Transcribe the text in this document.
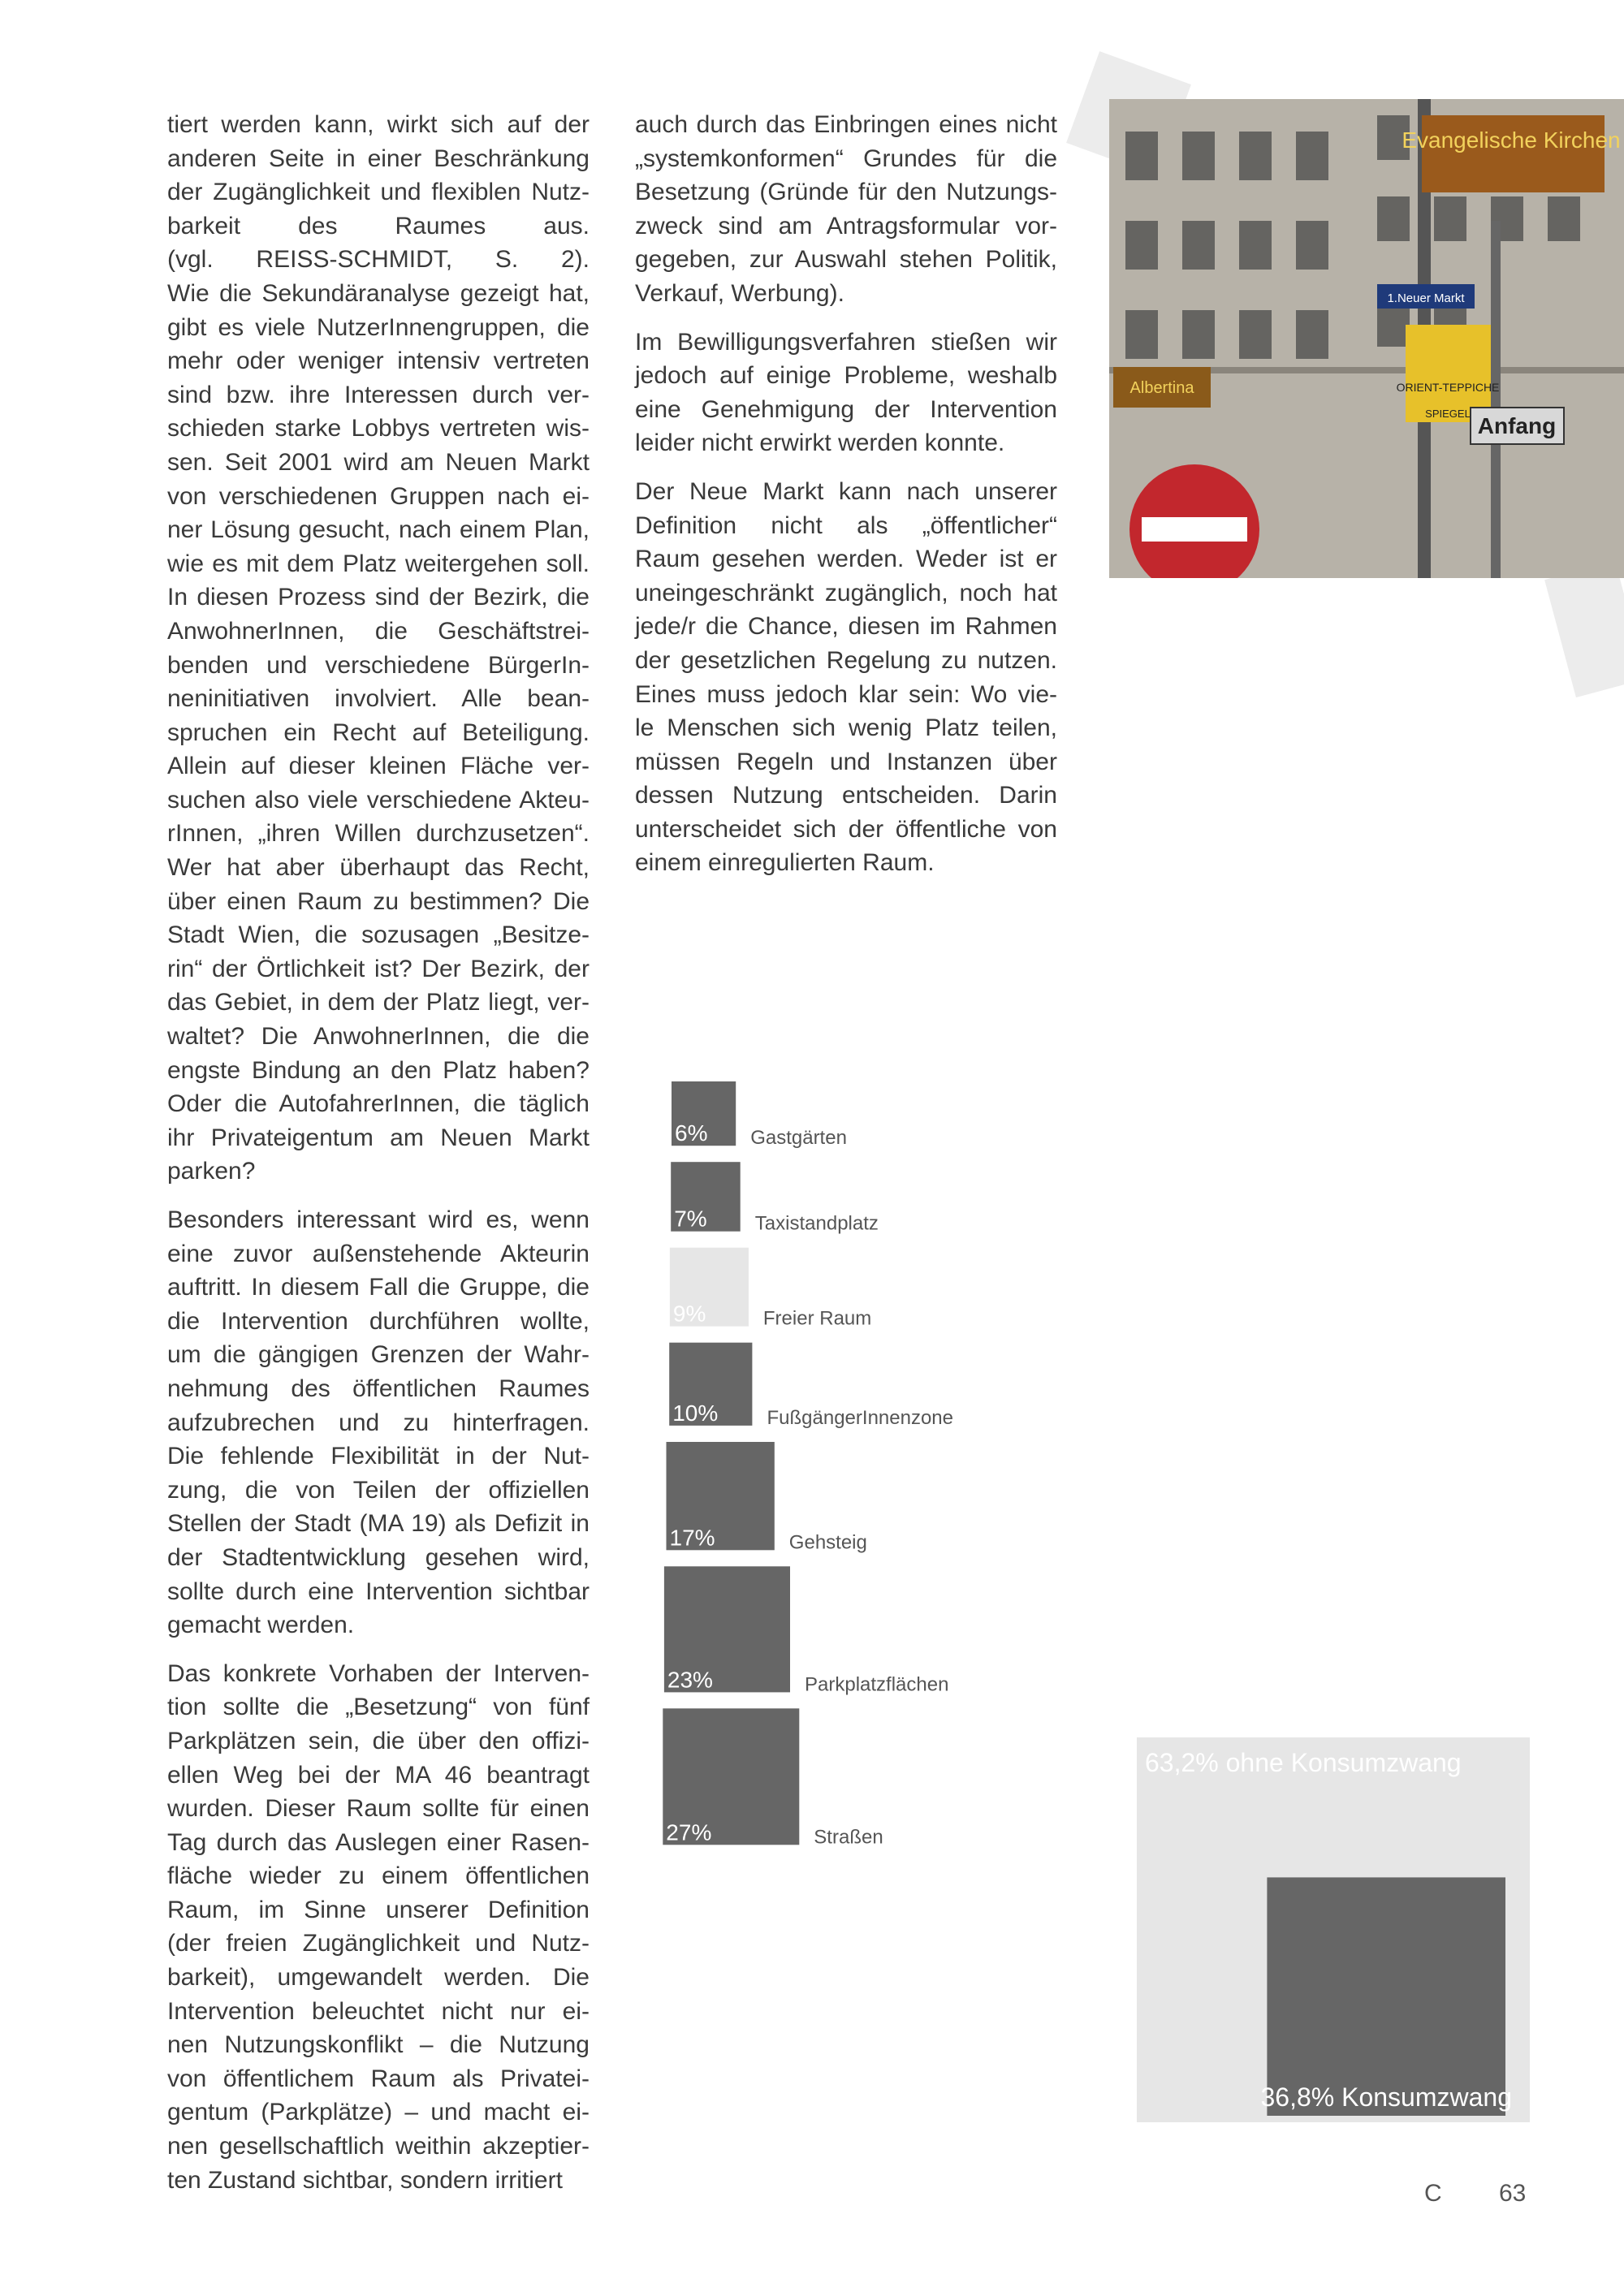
tiert werden kann, wirkt sich auf der
anderen Seite in einer Beschränkung
der Zugänglichkeit und flexiblen Nutz-
barkeit des Raumes aus.
(vgl. REISS-SCHMIDT, S. 2).
Wie die Sekundäranalyse gezeigt hat,
gibt es viele NutzerInnengruppen, die
mehr oder weniger intensiv vertreten
sind bzw. ihre Interessen durch ver-
schieden starke Lobbys vertreten wis-
sen. Seit 2001 wird am Neuen Markt
von verschiedenen Gruppen nach ei-
ner Lösung gesucht, nach einem Plan,
wie es mit dem Platz weitergehen soll.
In diesen Prozess sind der Bezirk, die
AnwohnerInnen, die Geschäftstrei-
benden und verschiedene BürgerIn-
neninitiativen involviert. Alle bean-
spruchen ein Recht auf Beteiligung.
Allein auf dieser kleinen Fläche ver-
suchen also viele verschiedene Akteu-
rInnen, „ihren Willen durchzusetzen“.
Wer hat aber überhaupt das Recht,
über einen Raum zu bestimmen? Die
Stadt Wien, die sozusagen „Besitze-
rin“ der Örtlichkeit ist? Der Bezirk, der
das Gebiet, in dem der Platz liegt, ver-
waltet? Die AnwohnerInnen, die die
engste Bindung an den Platz haben?
Oder die AutofahrerInnen, die täglich
ihr Privateigentum am Neuen Markt
parken?

Besonders interessant wird es, wenn
eine zuvor außenstehende Akteurin
auftritt. In diesem Fall die Gruppe, die
die Intervention durchführen wollte,
um die gängigen Grenzen der Wahr-
nehmung des öffentlichen Raumes
aufzubrechen und zu hinterfragen.
Die fehlende Flexibilität in der Nut-
zung, die von Teilen der offiziellen
Stellen der Stadt (MA 19) als Defizit in
der Stadtentwicklung gesehen wird,
sollte durch eine Intervention sichtbar
gemacht werden.

Das konkrete Vorhaben der Interven-
tion sollte die „Besetzung“ von fünf
Parkplätzen sein, die über den offizi-
ellen Weg bei der MA 46 beantragt
wurden. Dieser Raum sollte für einen
Tag durch das Auslegen einer Rasen-
fläche wieder zu einem öffentlichen
Raum, im Sinne unserer Definition
(der freien Zugänglichkeit und Nutz-
barkeit), umgewandelt werden. Die
Intervention beleuchtet nicht nur ei-
nen Nutzungskonflikt – die Nutzung
von öffentlichem Raum als Privatei-
gentum (Parkplätze) – und macht ei-
nen gesellschaftlich weithin akzeptier-
ten Zustand sichtbar, sondern irritiert

auch durch das Einbringen eines nicht
„systemkonformen“ Grundes für die
Besetzung (Gründe für den Nutzungs-
zweck sind am Antragsformular vor-
gegeben, zur Auswahl stehen Politik,
Verkauf, Werbung).

Im Bewilligungsverfahren stießen wir
jedoch auf einige Probleme, weshalb
eine Genehmigung der Intervention
leider nicht erwirkt werden konnte.

Der Neue Markt kann nach unserer
Definition nicht als „öffentlicher“
Raum gesehen werden. Weder ist er
uneingeschränkt zugänglich, noch hat
jede/r die Chance, diesen im Rahmen
der gesetzlichen Regelung zu nutzen.
Eines muss jedoch klar sein: Wo vie-
le Menschen sich wenig Platz teilen,
müssen Regeln und Instanzen über
dessen Nutzung entscheiden. Darin
unterscheidet sich der öffentliche von
einem einregulierten Raum.

Evangelische Kirchen
1.Neuer Markt
Albertina	ORIENT-TEPPICHE
SPIEGEL Anfang
6% Gastgärten
7% Taxistandplatz
9%	Freier Raum
10%	FußgängerInnenzone
17%	Gehsteig
23%	Parkplatzflächen
27%	Straßen
63,2% ohne Konsumzwang
36,8% Konsumzwang
C 63
